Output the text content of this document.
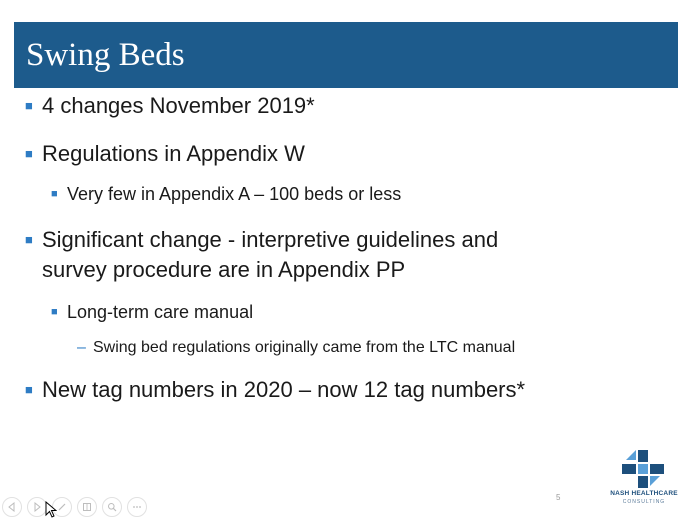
Swing Beds
■ 4 changes November 2019*
■ Regulations in Appendix W
■ Very few in Appendix A – 100 beds or less
■ Significant change - interpretive guidelines and
survey procedure are in Appendix PP
■ Long-term care manual
– Swing bed regulations originally came from the LTC manual
■ New tag numbers in 2020 – now 12 tag numbers*
5	NASH HEALTHCARE
CONSULTING
